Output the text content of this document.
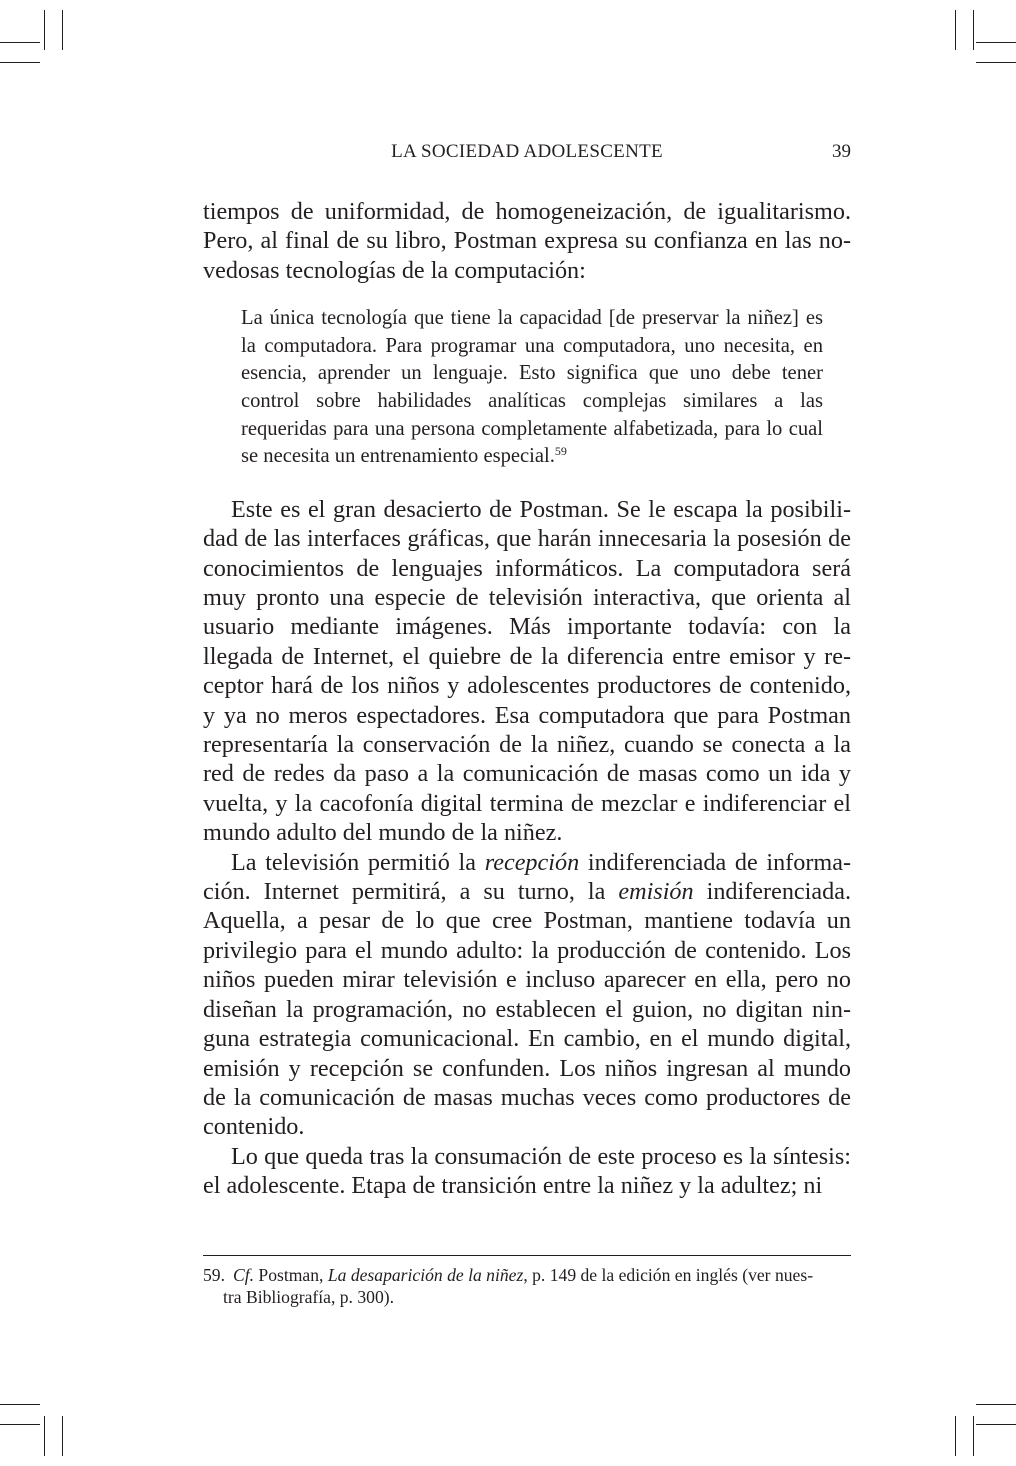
LA SOCIEDAD ADOLESCENTE	39

tiempos de uniformidad, de homogeneización, de igualitarismo. Pero, al final de su libro, Postman expresa su confianza en las novedosas tecnologías de la computación:

La única tecnología que tiene la capacidad [de preservar la niñez] es la computadora. Para programar una computadora, uno necesita, en esencia, aprender un lenguaje. Esto significa que uno debe tener control sobre habilidades analíticas complejas similares a las requeridas para una persona completamente alfabetizada, para lo cual se necesita un entrenamiento especial.$^{59}$

Este es el gran desacierto de Postman. Se le escapa la posibilidad de las interfaces gráficas, que harán innecesaria la posesión de conocimientos de lenguajes informáticos. La computadora será muy pronto una especie de televisión interactiva, que orienta al usuario mediante imágenes. Más importante todavía: con la llegada de Internet, el quiebre de la diferencia entre emisor y receptor hará de los niños y adolescentes productores de contenido, y ya no meros espectadores. Esa computadora que para Postman representaría la conservación de la niñez, cuando se conecta a la red de redes da paso a la comunicación de masas como un ida y vuelta, y la cacofonía digital termina de mezclar e indiferenciar el mundo adulto del mundo de la niñez.

La televisión permitió la recepción indiferenciada de información. Internet permitirá, a su turno, la emisión indiferenciada. Aquella, a pesar de lo que cree Postman, mantiene todavía un privilegio para el mundo adulto: la producción de contenido. Los niños pueden mirar televisión e incluso aparecer en ella, pero no diseñan la programación, no establecen el guion, no digitan ninguna estrategia comunicacional. En cambio, en el mundo digital, emisión y recepción se confunden. Los niños ingresan al mundo de la comunicación de masas muchas veces como productores de contenido.

Lo que queda tras la consumación de este proceso es la síntesis: el adolescente. Etapa de transición entre la niñez y la adultez; ni

59. Cf. Postman, La desaparición de la niñez, p. 149 de la edición en inglés (ver nues-
tra Bibliografía, p. 300).
